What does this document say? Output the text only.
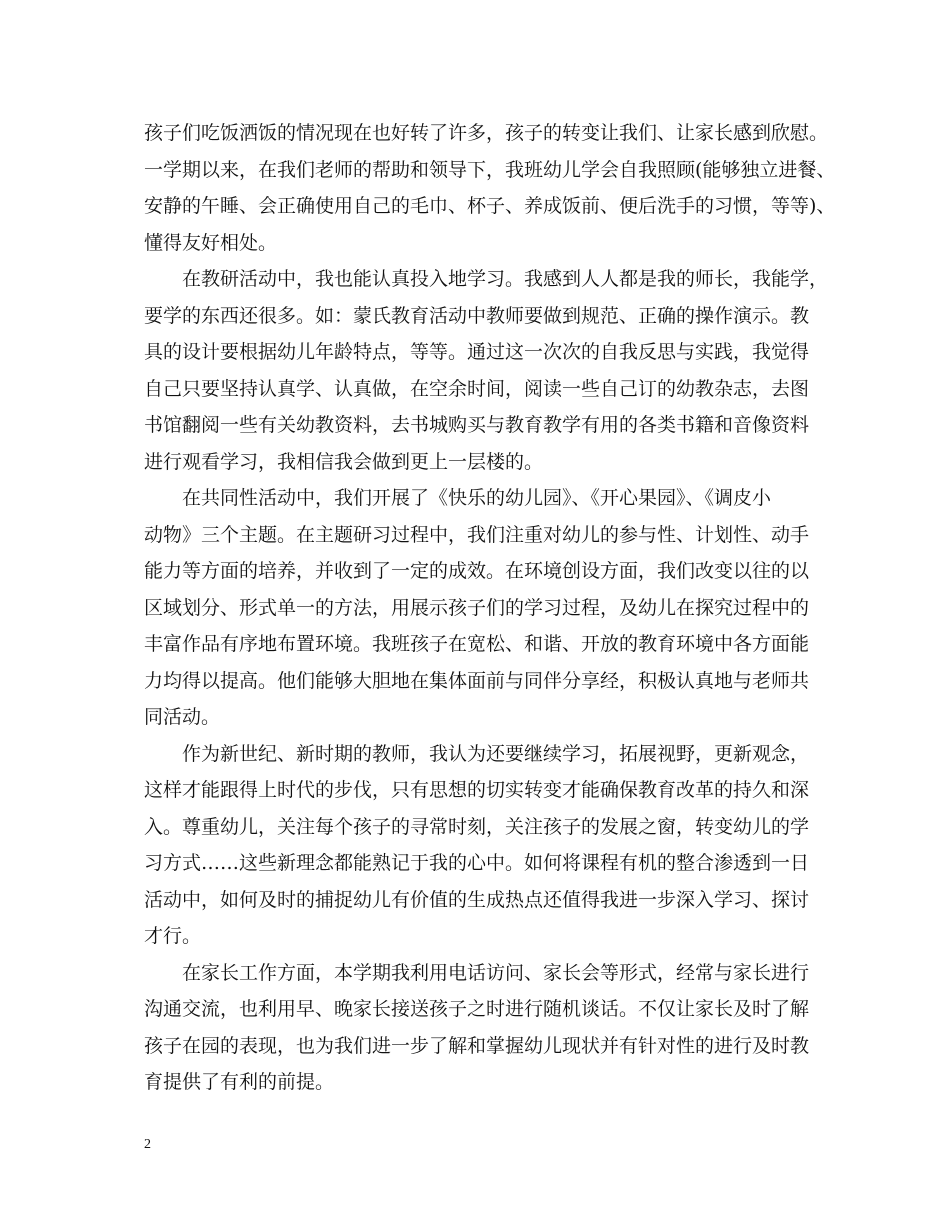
孩子们吃饭洒饭的情况现在也好转了许多，孩子的转变让我们、让家长感到欣慰。
一学期以来，在我们老师的帮助和领导下，我班幼儿学会自我照顾(能够独立进餐、
安静的午睡、会正确使用自己的毛巾、杯子、养成饭前、便后洗手的习惯，等等)、
懂得友好相处。
在教研活动中，我也能认真投入地学习。我感到人人都是我的师长，我能学，
要学的东西还很多。如：蒙氏教育活动中教师要做到规范、正确的操作演示。教
具的设计要根据幼儿年龄特点，等等。通过这一次次的自我反思与实践，我觉得
自己只要坚持认真学、认真做，在空余时间，阅读一些自己订的幼教杂志，去图
书馆翻阅一些有关幼教资料，去书城购买与教育教学有用的各类书籍和音像资料
进行观看学习，我相信我会做到更上一层楼的。
在共同性活动中，我们开展了《快乐的幼儿园》、《开心果园》、《调皮小
动物》三个主题。在主题研习过程中，我们注重对幼儿的参与性、计划性、动手
能力等方面的培养，并收到了一定的成效。在环境创设方面，我们改变以往的以
区域划分、形式单一的方法，用展示孩子们的学习过程，及幼儿在探究过程中的
丰富作品有序地布置环境。我班孩子在宽松、和谐、开放的教育环境中各方面能
力均得以提高。他们能够大胆地在集体面前与同伴分享经，积极认真地与老师共
同活动。
作为新世纪、新时期的教师，我认为还要继续学习，拓展视野，更新观念，
这样才能跟得上时代的步伐，只有思想的切实转变才能确保教育改革的持久和深
入。尊重幼儿，关注每个孩子的寻常时刻，关注孩子的发展之窗，转变幼儿的学
习方式……这些新理念都能熟记于我的心中。如何将课程有机的整合渗透到一日
活动中，如何及时的捕捉幼儿有价值的生成热点还值得我进一步深入学习、探讨
才行。
在家长工作方面，本学期我利用电话访问、家长会等形式，经常与家长进行
沟通交流，也利用早、晚家长接送孩子之时进行随机谈话。不仅让家长及时了解
孩子在园的表现，也为我们进一步了解和掌握幼儿现状并有针对性的进行及时教
育提供了有利的前提。
2
